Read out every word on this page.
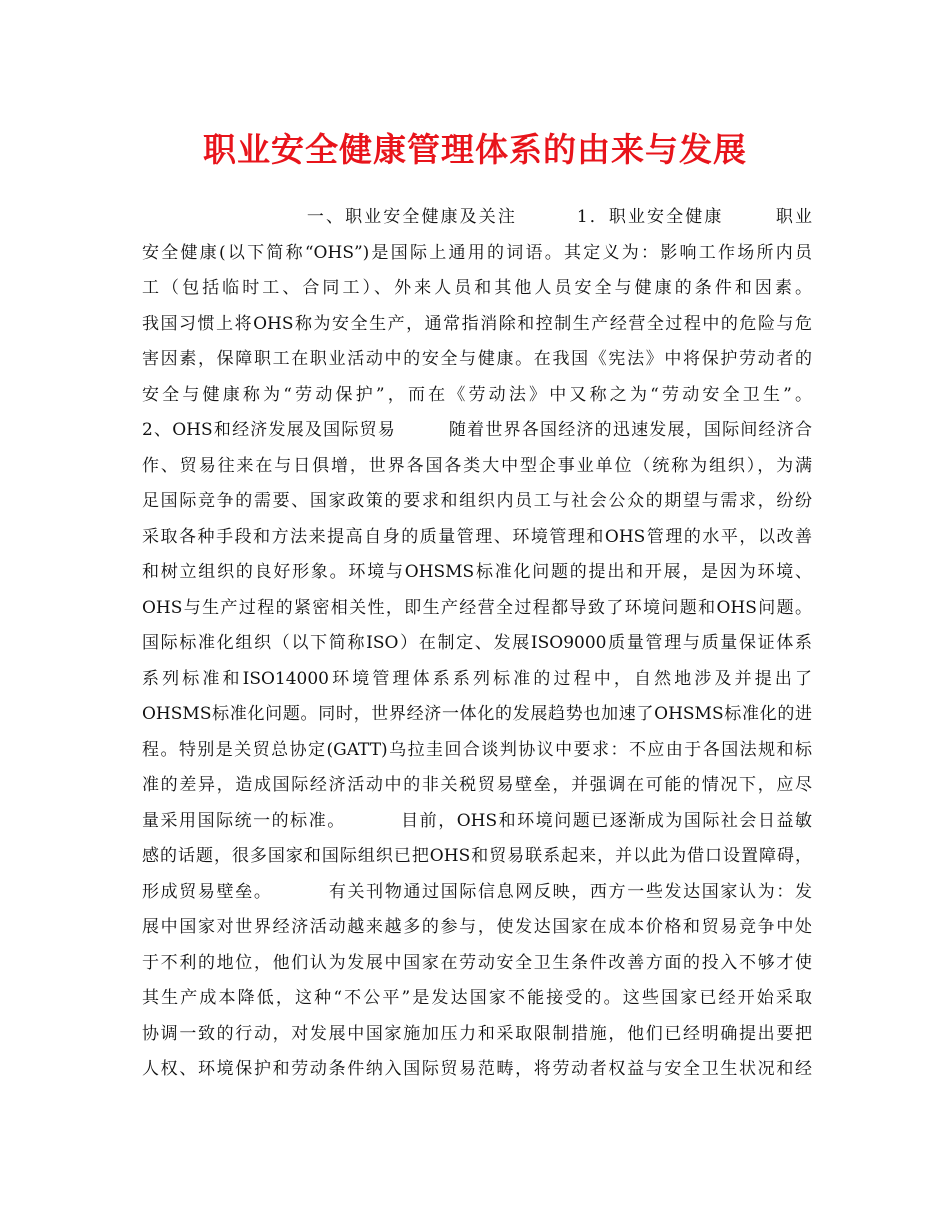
职业安全健康管理体系的由来与发展
一、职业安全健康及关注        1．职业安全健康       职业
安全健康(以下简称“OHS”)是国际上通用的词语。其定义为：影响工作场所内员
工（包括临时工、合同工）、外来人员和其他人员安全与健康的条件和因素。
我国习惯上将OHS称为安全生产，通常指消除和控制生产经营全过程中的危险与危
害因素，保障职工在职业活动中的安全与健康。在我国《宪法》中将保护劳动者的
安全与健康称为“劳动保护”，而在《劳动法》中又称之为“劳动安全卫生”。
2、OHS和经济发展及国际贸易        随着世界各国经济的迅速发展，国际间经济合
作、贸易往来在与日俱增，世界各国各类大中型企事业单位（统称为组织），为满
足国际竞争的需要、国家政策的要求和组织内员工与社会公众的期望与需求，纷纷
采取各种手段和方法来提高自身的质量管理、环境管理和OHS管理的水平，以改善
和树立组织的良好形象。环境与OHSMS标准化问题的提出和开展，是因为环境、
OHS与生产过程的紧密相关性，即生产经营全过程都导致了环境问题和OHS问题。
国际标准化组织（以下简称ISO）在制定、发展ISO9000质量管理与质量保证体系
系列标准和ISO14000环境管理体系系列标准的过程中，自然地涉及并提出了
OHSMS标准化问题。同时，世界经济一体化的发展趋势也加速了OHSMS标准化的进
程。特别是关贸总协定(GATT)乌拉圭回合谈判协议中要求：不应由于各国法规和标
准的差异，造成国际经济活动中的非关税贸易壁垒，并强调在可能的情况下，应尽
量采用国际统一的标准。        目前，OHS和环境问题已逐渐成为国际社会日益敏
感的话题，很多国家和国际组织已把OHS和贸易联系起来，并以此为借口设置障碍，
形成贸易壁垒。        有关刊物通过国际信息网反映，西方一些发达国家认为：发
展中国家对世界经济活动越来越多的参与，使发达国家在成本价格和贸易竞争中处
于不利的地位，他们认为发展中国家在劳动安全卫生条件改善方面的投入不够才使
其生产成本降低，这种“不公平”是发达国家不能接受的。这些国家已经开始采取
协调一致的行动，对发展中国家施加压力和采取限制措施，他们已经明确提出要把
人权、环境保护和劳动条件纳入国际贸易范畴，将劳动者权益与安全卫生状况和经
